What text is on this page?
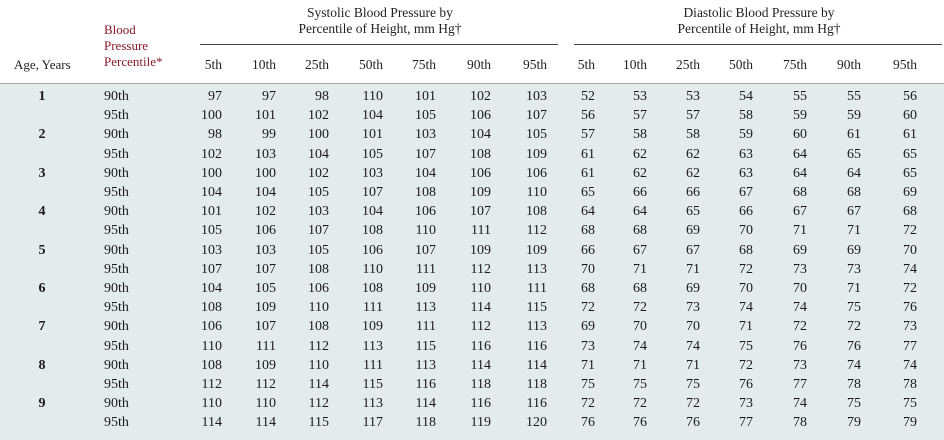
Age, Years
Blood
Pressure
Percentile*
Systolic Blood Pressure by
Percentile of Height, mm Hg†
Diastolic Blood Pressure by
Percentile of Height, mm Hg†
5th	10th	25th	50th	75th	90th	95th	5th	10th	25th	50th	75th	90th	95th
1	90th	97	97	98	110	101	102	103	52	53	53	54	55	55	56
95th	100	101	102	104	105	106	107	56	57	57	58	59	59	60
2	90th	98	99	100	101	103	104	105	57	58	58	59	60	61	61
95th	102	103	104	105	107	108	109	61	62	62	63	64	65	65
3	90th	100	100	102	103	104	106	106	61	62	62	63	64	64	65
95th	104	104	105	107	108	109	110	65	66	66	67	68	68	69
4	90th	101	102	103	104	106	107	108	64	64	65	66	67	67	68
95th	105	106	107	108	110	111	112	68	68	69	70	71	71	72
5	90th	103	103	105	106	107	109	109	66	67	67	68	69	69	70
95th	107	107	108	110	111	112	113	70	71	71	72	73	73	74
6	90th	104	105	106	108	109	110	111	68	68	69	70	70	71	72
95th	108	109	110	111	113	114	115	72	72	73	74	74	75	76
7	90th	106	107	108	109	111	112	113	69	70	70	71	72	72	73
95th	110	111	112	113	115	116	116	73	74	74	75	76	76	77
8	90th	108	109	110	111	113	114	114	71	71	71	72	73	74	74
95th	112	112	114	115	116	118	118	75	75	75	76	77	78	78
9	90th	110	110	112	113	114	116	116	72	72	72	73	74	75	75
95th	114	114	115	117	118	119	120	76	76	76	77	78	79	79
